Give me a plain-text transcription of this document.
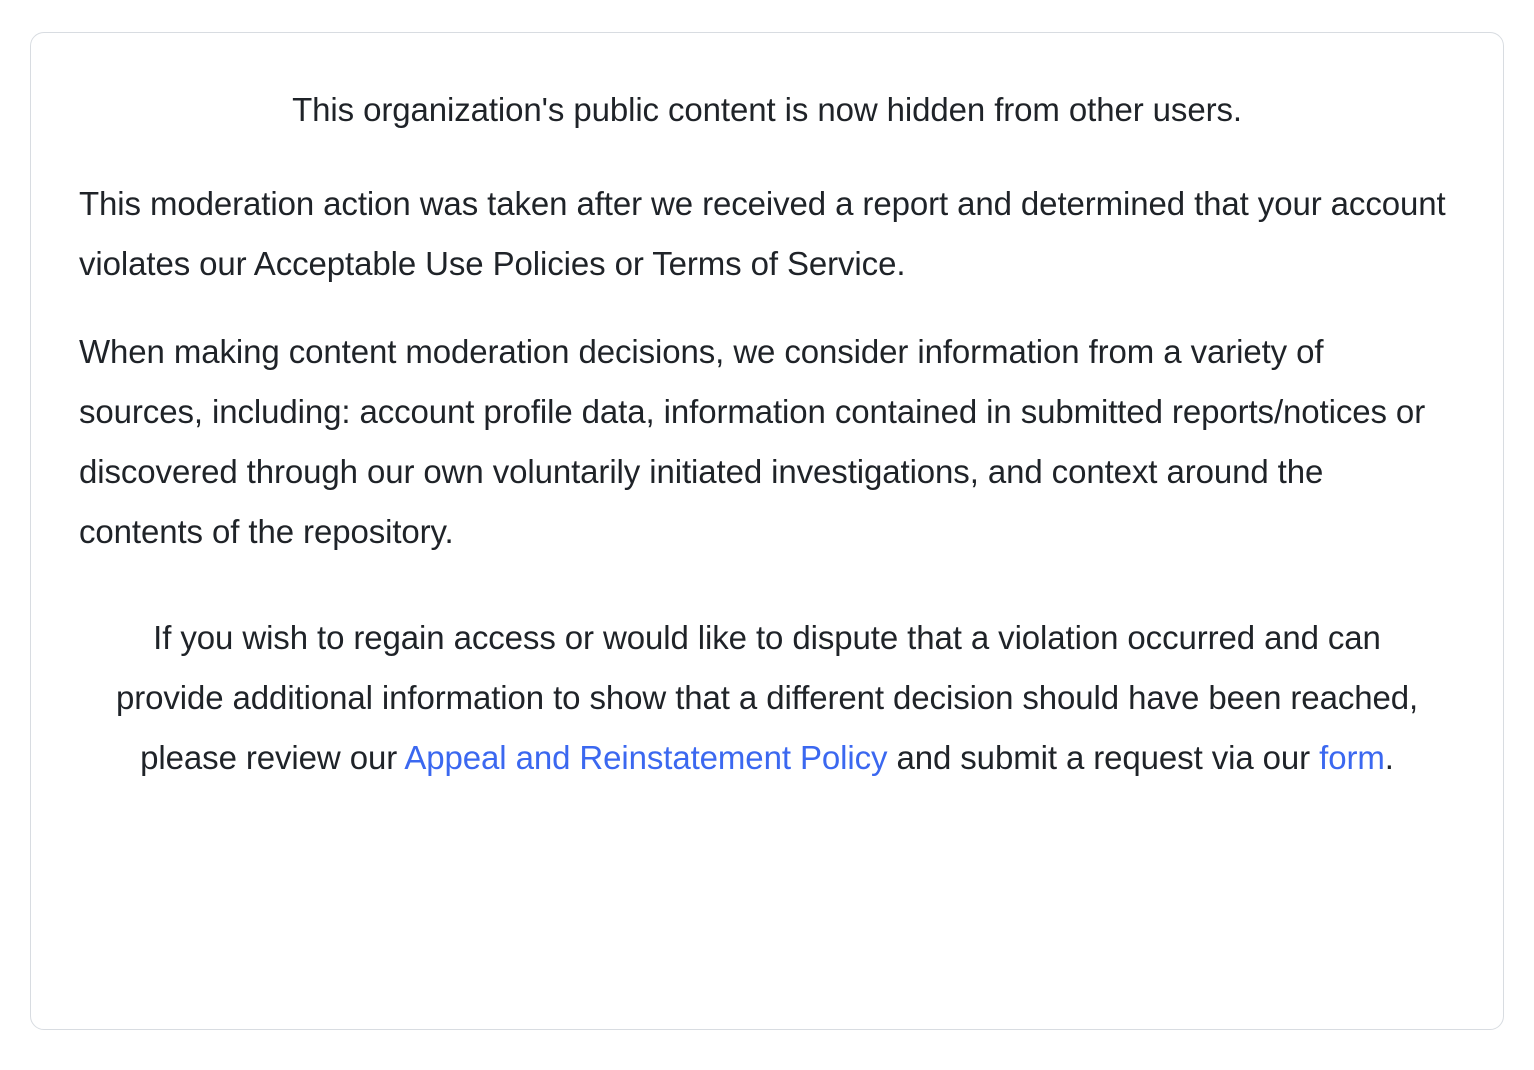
This organization's public content is now hidden from other users.

This moderation action was taken after we received a report and determined that your account violates our Acceptable Use Policies or Terms of Service.

When making content moderation decisions, we consider information from a variety of sources, including: account profile data, information contained in submitted reports/notices or discovered through our own voluntarily initiated investigations, and context around the contents of the repository.

If you wish to regain access or would like to dispute that a violation occurred and can provide additional information to show that a different decision should have been reached, please review our Appeal and Reinstatement Policy and submit a request via our form.
